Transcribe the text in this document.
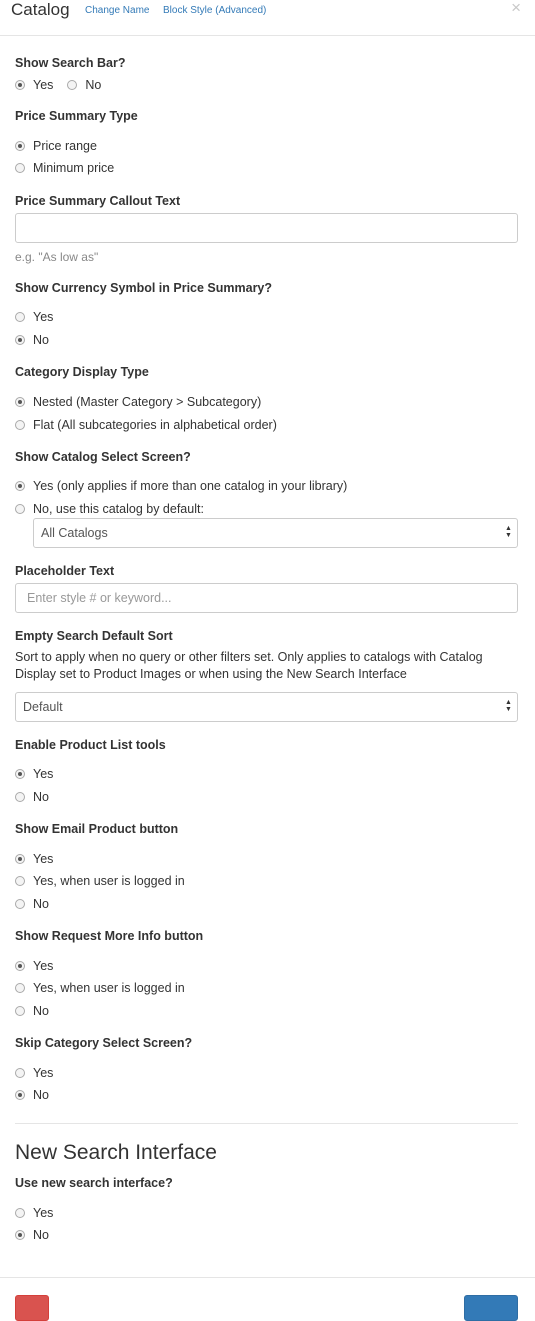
Catalog Change Name Block Style (Advanced)	×
Show Search Bar?
Yes	No
Price Summary Type
Price range
Minimum price
Price Summary Callout Text
e.g. "As low as"
Show Currency Symbol in Price Summary?
Yes
No
Category Display Type
Nested (Master Category > Subcategory)
Flat (All subcategories in alphabetical order)
Show Catalog Select Screen?
Yes (only applies if more than one catalog in your library)
No, use this catalog by default:
All Catalogs	▲
▼
Placeholder Text
Enter style # or keyword...
Empty Search Default Sort
Sort to apply when no query or other filters set. Only applies to catalogs with Catalog Display set to Product Images or when using the New Search Interface
Default	▲
▼
Enable Product List tools
Yes
No
Show Email Product button
Yes
Yes, when user is logged in
No
Show Request More Info button
Yes
Yes, when user is logged in
No
Skip Category Select Screen?
Yes
No
New Search Interface
Use new search interface?
Yes
No
